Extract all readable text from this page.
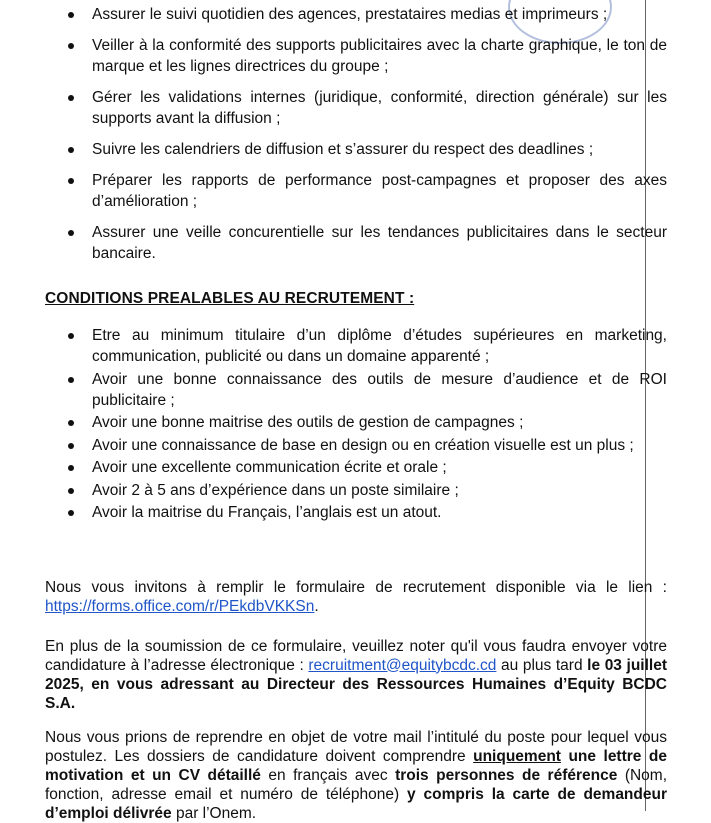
Assurer le suivi quotidien des agences, prestataires medias et imprimeurs ;
Veiller à la conformité des supports publicitaires avec la charte graphique, le ton de marque et les lignes directrices du groupe ;
Gérer les validations internes (juridique, conformité, direction générale) sur les supports avant la diffusion ;
Suivre les calendriers de diffusion et s’assurer du respect des deadlines ;
Préparer les rapports de performance post-campagnes et proposer des axes d’amélioration ;
Assurer une veille concurentielle sur les tendances publicitaires dans le secteur bancaire.
CONDITIONS PREALABLES AU RECRUTEMENT :
Etre au minimum titulaire d’un diplôme d’études supérieures en marketing, communication, publicité ou dans un domaine apparenté ;
Avoir une bonne connaissance des outils de mesure d’audience et de ROI publicitaire ;
Avoir une bonne maitrise des outils de gestion de campagnes ;
Avoir une connaissance de base en design ou en création visuelle est un plus ;
Avoir une excellente communication écrite et orale ;
Avoir 2 à 5 ans d’expérience dans un poste similaire ;
Avoir la maitrise du Français, l’anglais est un atout.

Nous vous invitons à remplir le formulaire de recrutement disponible via le lien : https://forms.office.com/r/PEkdbVKKSn.

En plus de la soumission de ce formulaire, veuillez noter qu'il vous faudra envoyer votre candidature à l’adresse électronique : recruitment@equitybcdc.cd au plus tard le 03 juillet 2025, en vous adressant au Directeur des Ressources Humaines d’Equity BCDC S.A.

Nous vous prions de reprendre en objet de votre mail l’intitulé du poste pour lequel vous postulez. Les dossiers de candidature doivent comprendre uniquement une lettre de motivation et un CV détaillé en français avec trois personnes de référence (Nom, fonction, adresse email et numéro de téléphone) y compris la carte de demandeur d’emploi délivrée par l’Onem.
